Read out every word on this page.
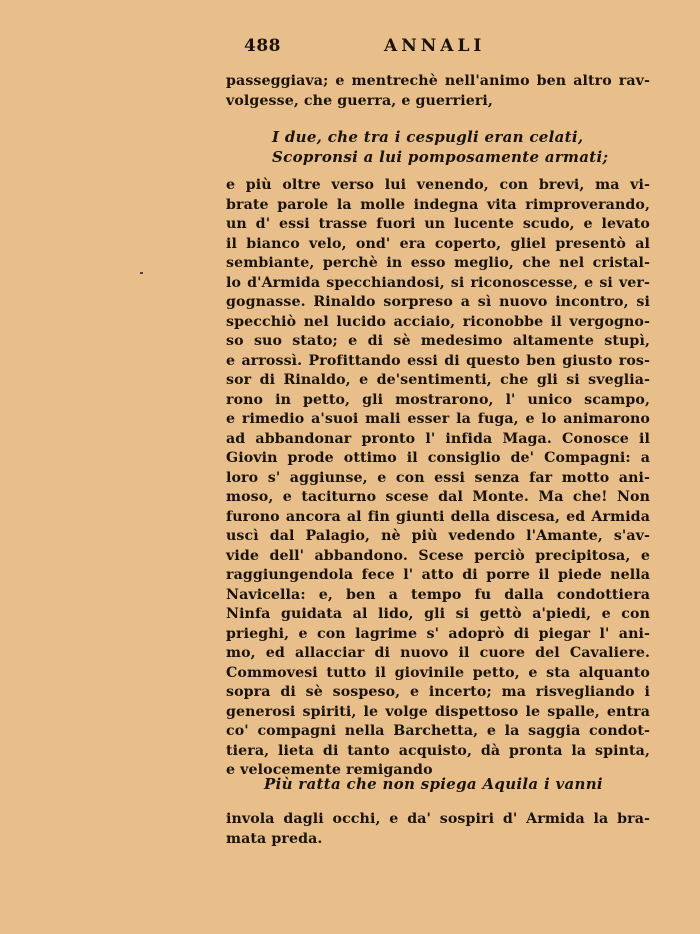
488	ANNALI
passeggiava; e mentrechè nell'animo ben altro rav-
volgesse, che guerra, e guerrieri,
I due, che tra i cespugli eran celati,
Scopronsi a lui pomposamente armati;
e più oltre verso lui venendo, con brevi, ma vi-
brate parole la molle indegna vita rimproverando,
un d' essi trasse fuori un lucente scudo, e levato
il bianco velo, ond' era coperto, gliel presentò al
sembiante, perchè in esso meglio, che nel cristal-
lo d'Armida specchiandosi, si riconoscesse, e si ver-
gognasse. Rinaldo sorpreso a sì nuovo incontro, si
specchiò nel lucido acciaio, riconobbe il vergogno-
so suo stato; e di sè medesimo altamente stupì,
e arrossì. Profittando essi di questo ben giusto ros-
sor di Rinaldo, e de'sentimenti, che gli si sveglia-
rono in petto, gli mostrarono, l' unico scampo,
e rimedio a'suoi mali esser la fuga, e lo animarono
ad abbandonar pronto l' infida Maga. Conosce il
Giovin prode ottimo il consiglio de' Compagni: a
loro s' aggiunse, e con essi senza far motto ani-
moso, e taciturno scese dal Monte. Ma che! Non
furono ancora al fin giunti della discesa, ed Armida
uscì dal Palagio, nè più vedendo l'Amante, s'av-
vide dell' abbandono. Scese perciò precipitosa, e
raggiungendola fece l' atto di porre il piede nella
Navicella: e, ben a tempo fu dalla condottiera
Ninfa guidata al lido, gli si gettò a'piedi, e con
prieghi, e con lagrime s' adoprò di piegar l' ani-
mo, ed allacciar di nuovo il cuore del Cavaliere.
Commovesi tutto il giovinile petto, e sta alquanto
sopra di sè sospeso, e incerto; ma risvegliando i
generosi spiriti, le volge dispettoso le spalle, entra
co' compagni nella Barchetta, e la saggia condot-
tiera, lieta di tanto acquisto, dà pronta la spinta,
e velocemente remigando
Più ratta che non spiega Aquila i vanni
invola dagli occhi, e da' sospiri d' Armida la bra-
mata preda.
